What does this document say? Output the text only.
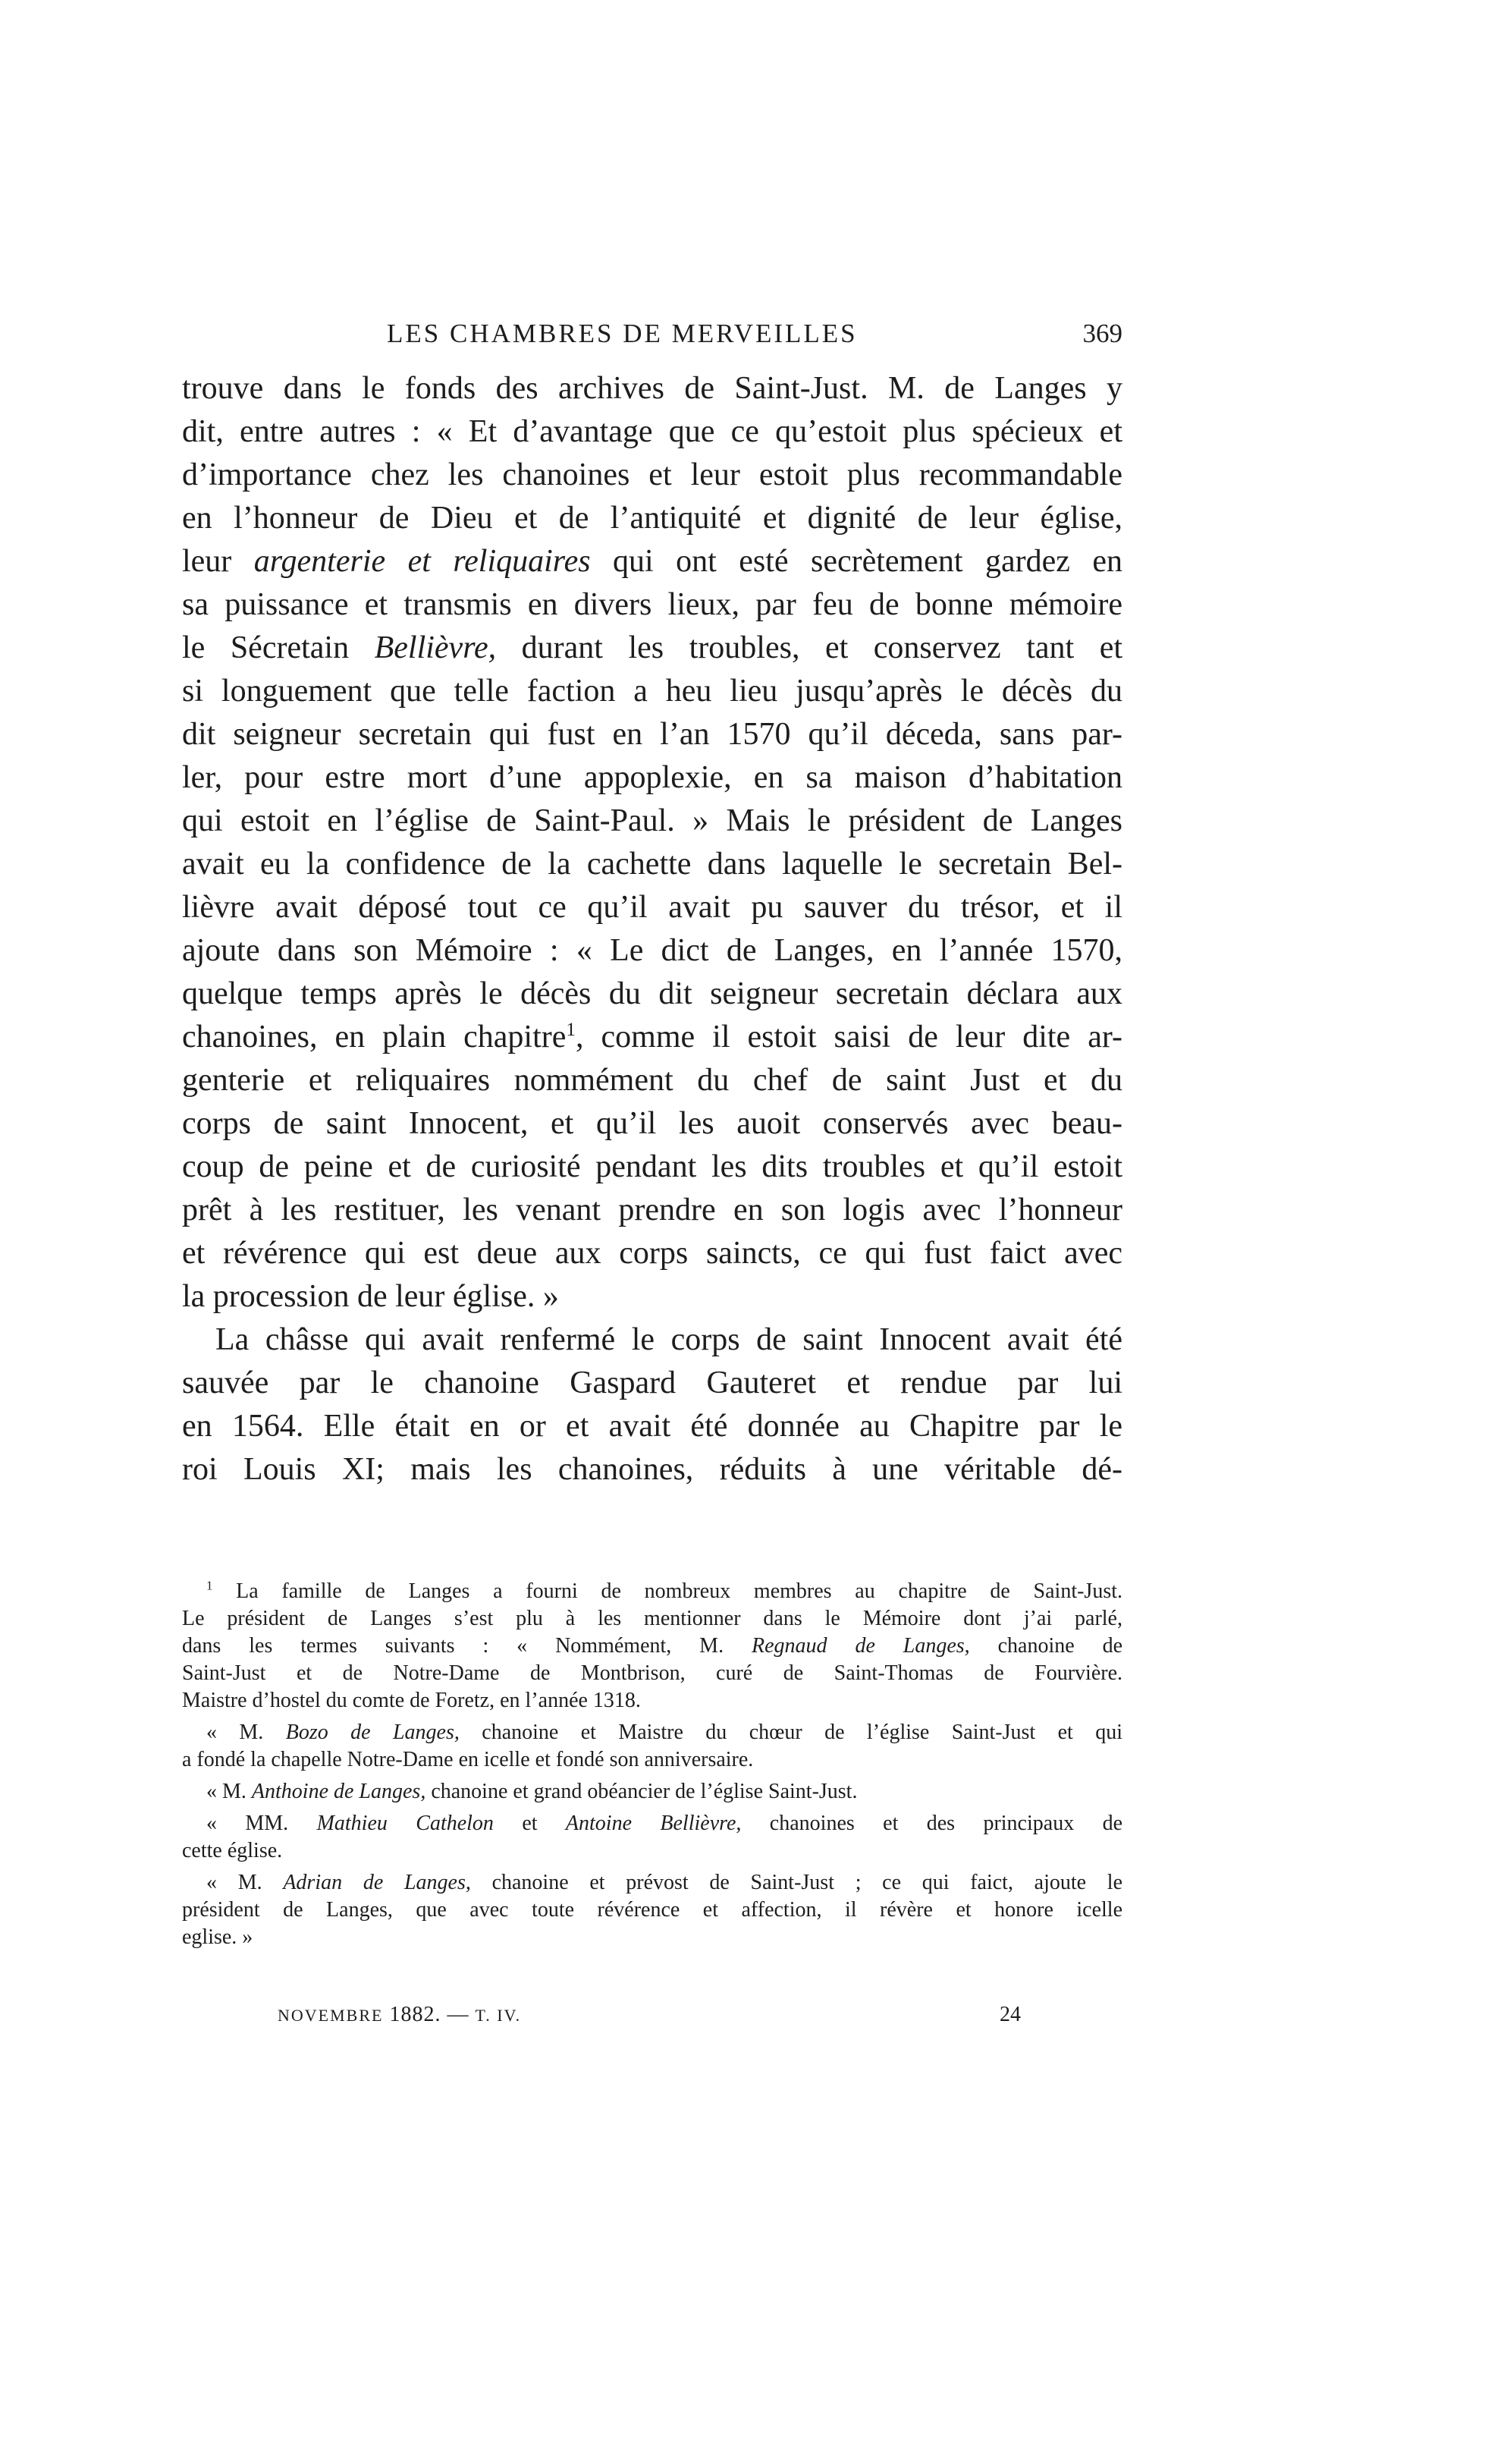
LES CHAMBRES DE MERVEILLES	369
trouve dans le fonds des archives de Saint-Just. M. de Langes y
dit, entre autres : « Et d’avantage que ce qu’estoit plus spécieux et
d’importance chez les chanoines et leur estoit plus recommandable
en l’honneur de Dieu et de l’antiquité et dignité de leur église,
leur argenterie et reliquaires qui ont esté secrètement gardez en
sa puissance et transmis en divers lieux, par feu de bonne mémoire
le Sécretain Bellièvre, durant les troubles, et conservez tant et
si longuement que telle faction a heu lieu jusqu’après le décès du
dit seigneur secretain qui fust en l’an 1570 qu’il déceda, sans par-
ler, pour estre mort d’une appoplexie, en sa maison d’habitation
qui estoit en l’église de Saint-Paul. » Mais le président de Langes
avait eu la confidence de la cachette dans laquelle le secretain Bel-
lièvre avait déposé tout ce qu’il avait pu sauver du trésor, et il
ajoute dans son Mémoire : « Le dict de Langes, en l’année 1570,
quelque temps après le décès du dit seigneur secretain déclara aux
chanoines, en plain chapitre$^1$, comme il estoit saisi de leur dite ar-
genterie et reliquaires nommément du chef de saint Just et du
corps de saint Innocent, et qu’il les auoit conservés avec beau-
coup de peine et de curiosité pendant les dits troubles et qu’il estoit
prêt à les restituer, les venant prendre en son logis avec l’honneur
et révérence qui est deue aux corps saincts, ce qui fust faict avec
la procession de leur église. »
La châsse qui avait renfermé le corps de saint Innocent avait été
sauvée par le chanoine Gaspard Gauteret et rendue par lui
en 1564. Elle était en or et avait été donnée au Chapitre par le
roi Louis XI; mais les chanoines, réduits à une véritable dé-
$^1$ La famille de Langes a fourni de nombreux membres au chapitre de Saint-Just.
Le président de Langes s’est plu à les mentionner dans le Mémoire dont j’ai parlé,
dans les termes suivants : « Nommément, M. Regnaud de Langes, chanoine de
Saint-Just et de Notre-Dame de Montbrison, curé de Saint-Thomas de Fourvière.
Maistre d’hostel du comte de Foretz, en l’année 1318.
« M. Bozo de Langes, chanoine et Maistre du chœur de l’église Saint-Just et qui
a fondé la chapelle Notre-Dame en icelle et fondé son anniversaire.
« M. Anthoine de Langes, chanoine et grand obéancier de l’église Saint-Just.
« MM. Mathieu Cathelon et Antoine Bellièvre, chanoines et des principaux de
cette église.
« M. Adrian de Langes, chanoine et prévost de Saint-Just ; ce qui faict, ajoute le
président de Langes, que avec toute révérence et affection, il révère et honore icelle
eglise. »
NOVEMBRE 1882. — T. IV.	24
